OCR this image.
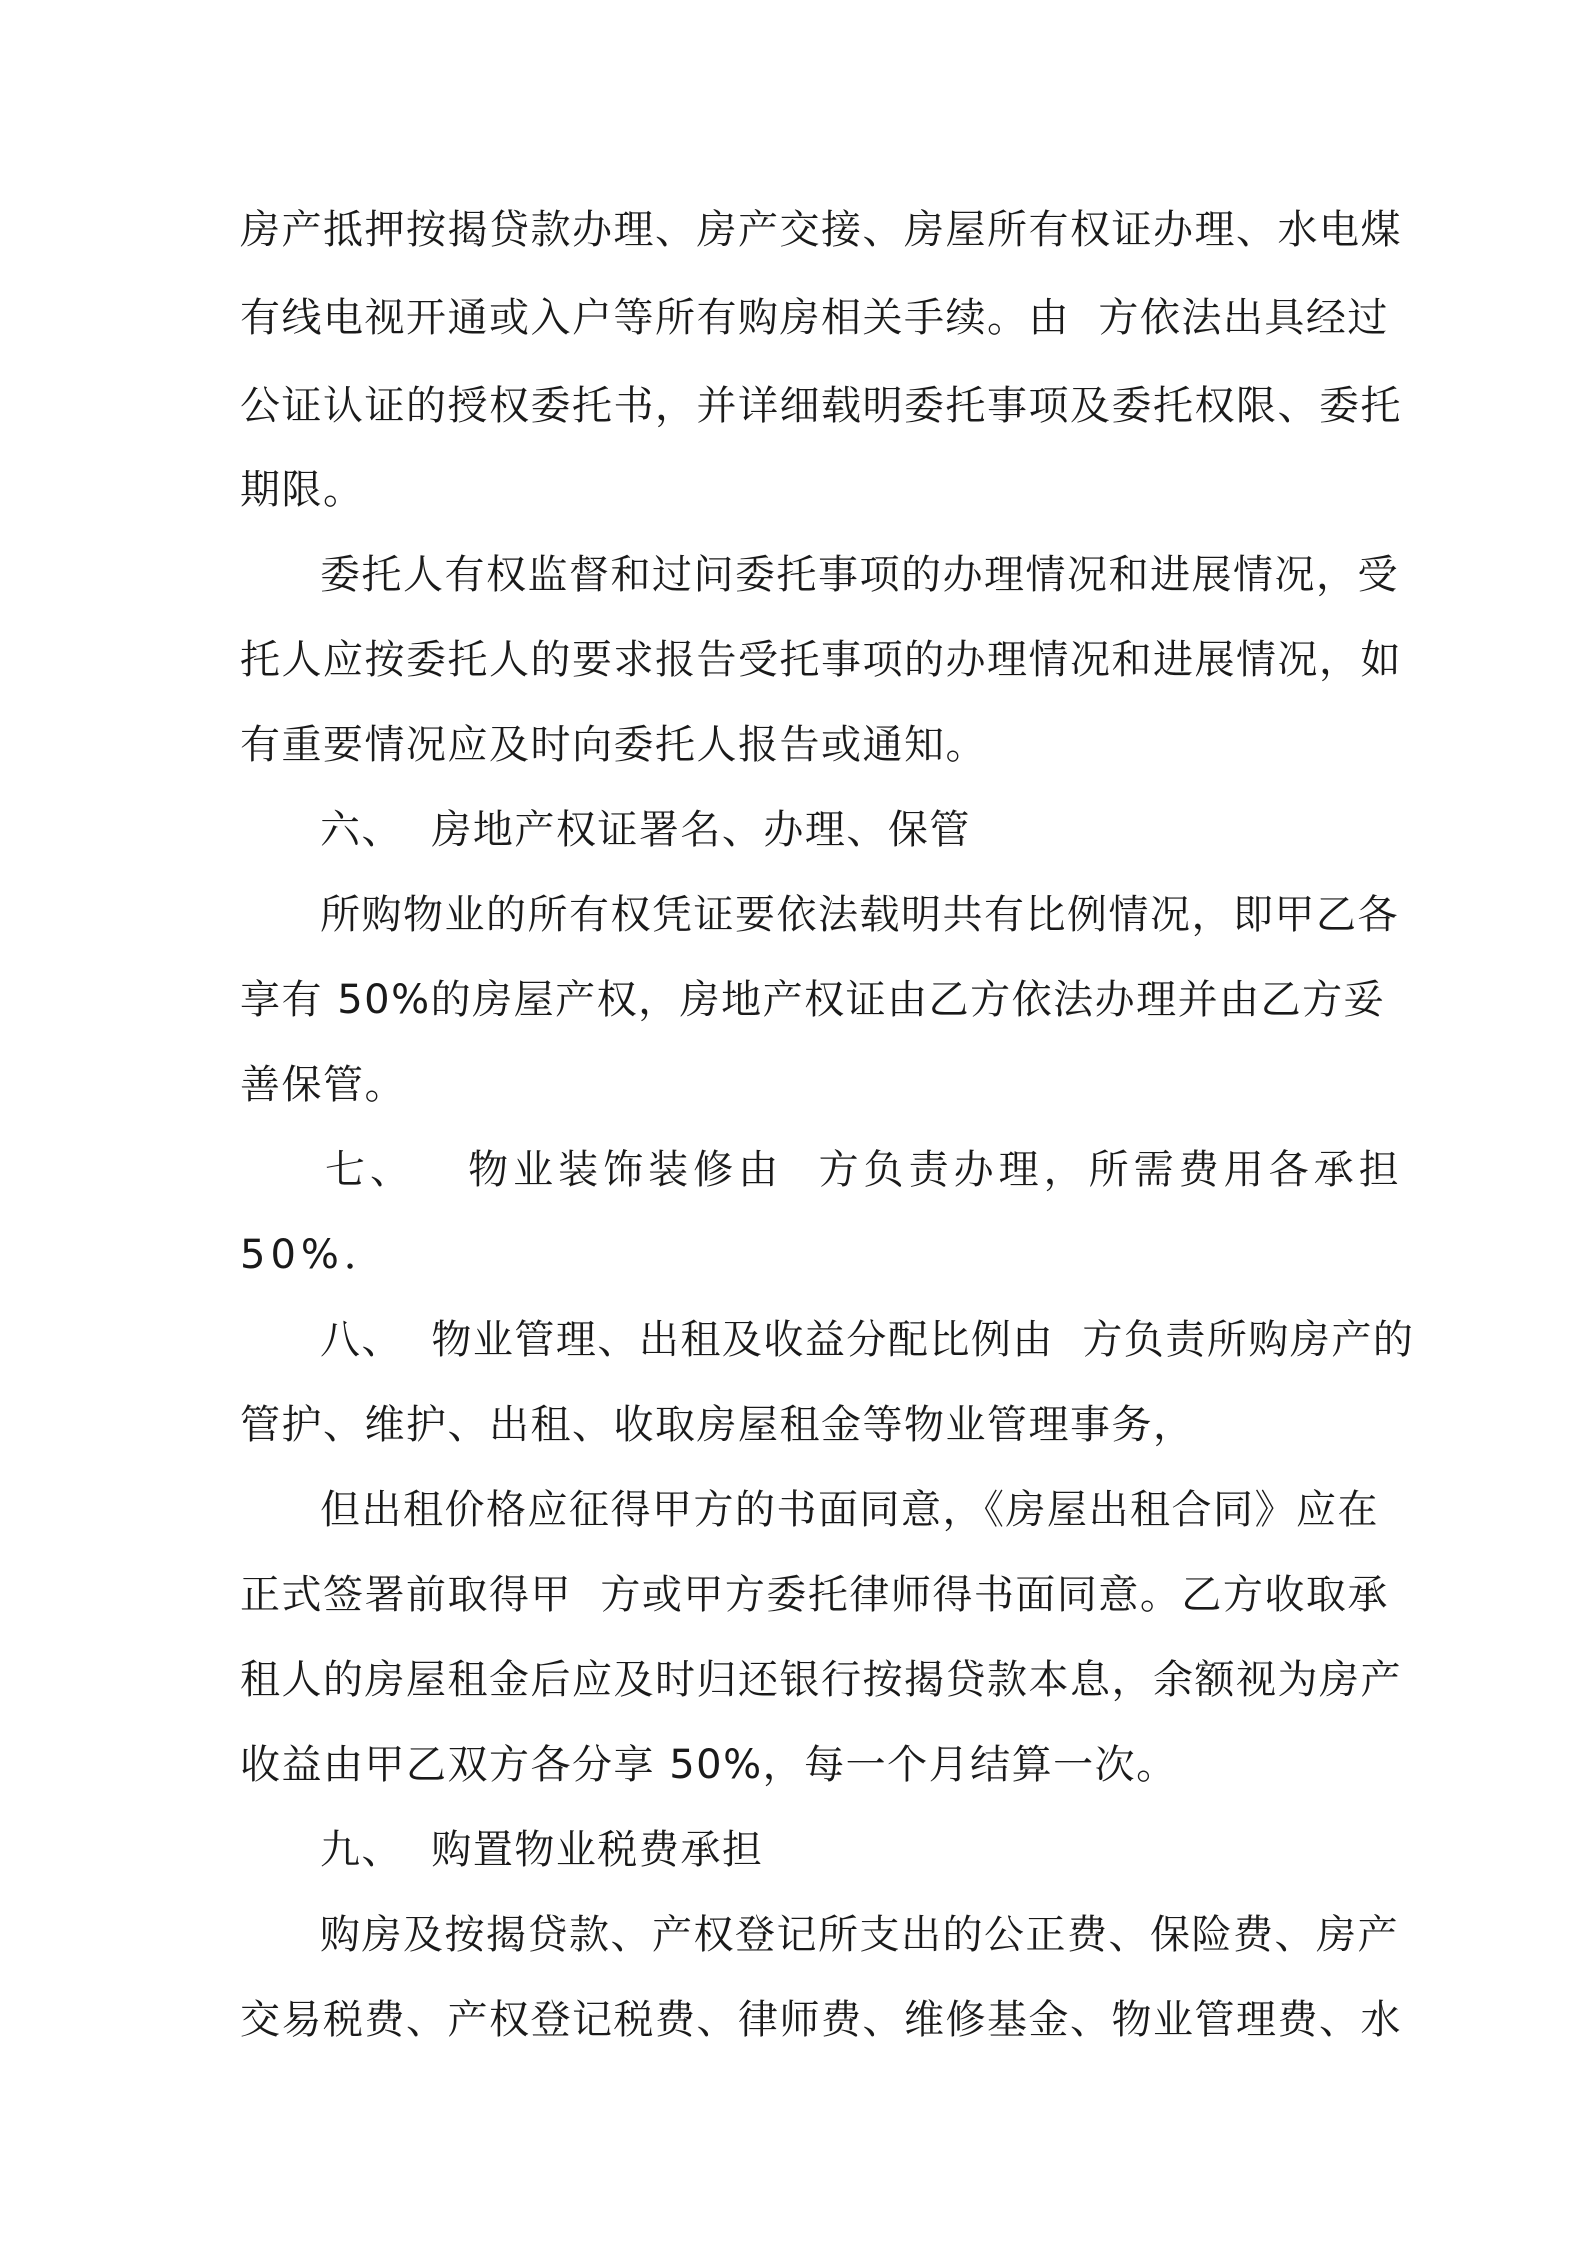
房产抵押按揭贷款办理、房产交接、房屋所有权证办理、水电煤
有线电视开通或入户等所有购房相关手续。由  方依法出具经过
公证认证的授权委托书，并详细载明委托事项及委托权限、委托
期限。
委托人有权监督和过问委托事项的办理情况和进展情况，受
托人应按委托人的要求报告受托事项的办理情况和进展情况，如
有重要情况应及时向委托人报告或通知。
六、  房地产权证署名、办理、保管
所购物业的所有权凭证要依法载明共有比例情况，即甲乙各
享有 50%的房屋产权，房地产权证由乙方依法办理并由乙方妥
善保管。
七、   物业装饰装修由  方负责办理，所需费用各承担
50%．
八、  物业管理、出租及收益分配比例由  方负责所购房产的
管护、维护、出租、收取房屋租金等物业管理事务，
但出租价格应征得甲方的书面同意，《房屋出租合同》应在
正式签署前取得甲  方或甲方委托律师得书面同意。乙方收取承
租人的房屋租金后应及时归还银行按揭贷款本息，余额视为房产
收益由甲乙双方各分享 50%，每一个月结算一次。
九、  购置物业税费承担
购房及按揭贷款、产权登记所支出的公正费、保险费、房产
交易税费、产权登记税费、律师费、维修基金、物业管理费、水
